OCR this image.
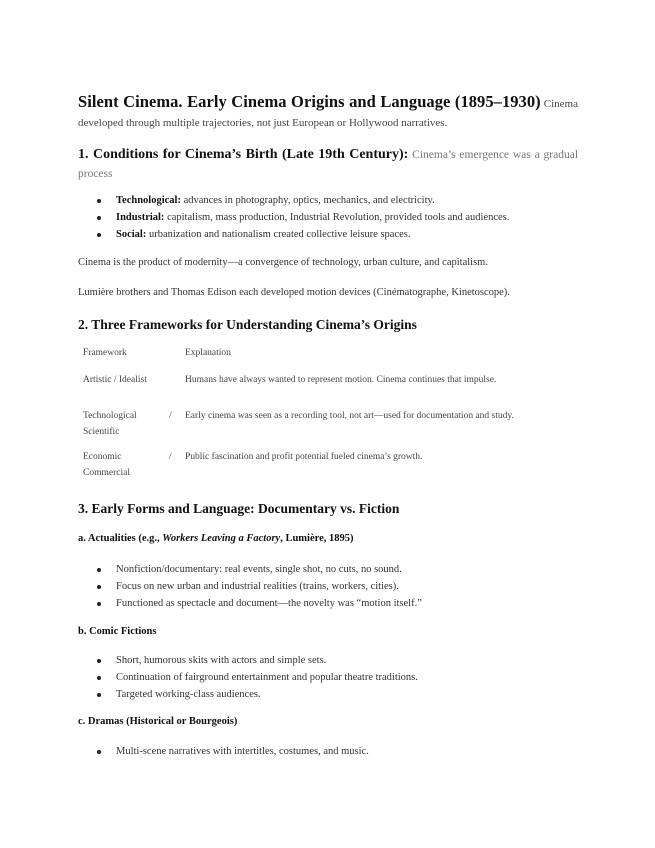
Silent Cinema. Early Cinema Origins and Language (1895–1930) Cinema developed through multiple trajectories, not just European or Hollywood narratives.
1. Conditions for Cinema’s Birth (Late 19th Century): Cinema’s emergence was a gradual process
Technological: advances in photography, optics, mechanics, and electricity.
Industrial: capitalism, mass production, Industrial Revolution, provided tools and audiences.
Social: urbanization and nationalism created collective leisure spaces.
Cinema is the product of modernity—a convergence of technology, urban culture, and capitalism.
Lumière brothers and Thomas Edison each developed motion devices (Cinématographe, Kinetoscope).
2. Three Frameworks for Understanding Cinema’s Origins
Framework	Explanation
Artistic / Idealist	Humans have always wanted to represent motion. Cinema continues that impulse.
Technological Scientific
/ Early cinema was seen as a recording tool, not art—used for documentation and study.
Economic Commercial
/ Public fascination and profit potential fueled cinema’s growth.
3. Early Forms and Language: Documentary vs. Fiction
a. Actualities (e.g., Workers Leaving a Factory, Lumière, 1895)
Nonfiction/documentary: real events, single shot, no cuts, no sound.
Focus on new urban and industrial realities (trains, workers, cities).
Functioned as spectacle and document—the novelty was “motion itself.”
b. Comic Fictions
Short, humorous skits with actors and simple sets.
Continuation of fairground entertainment and popular theatre traditions.
Targeted working-class audiences.
c. Dramas (Historical or Bourgeois)
Multi-scene narratives with intertitles, costumes, and music.
